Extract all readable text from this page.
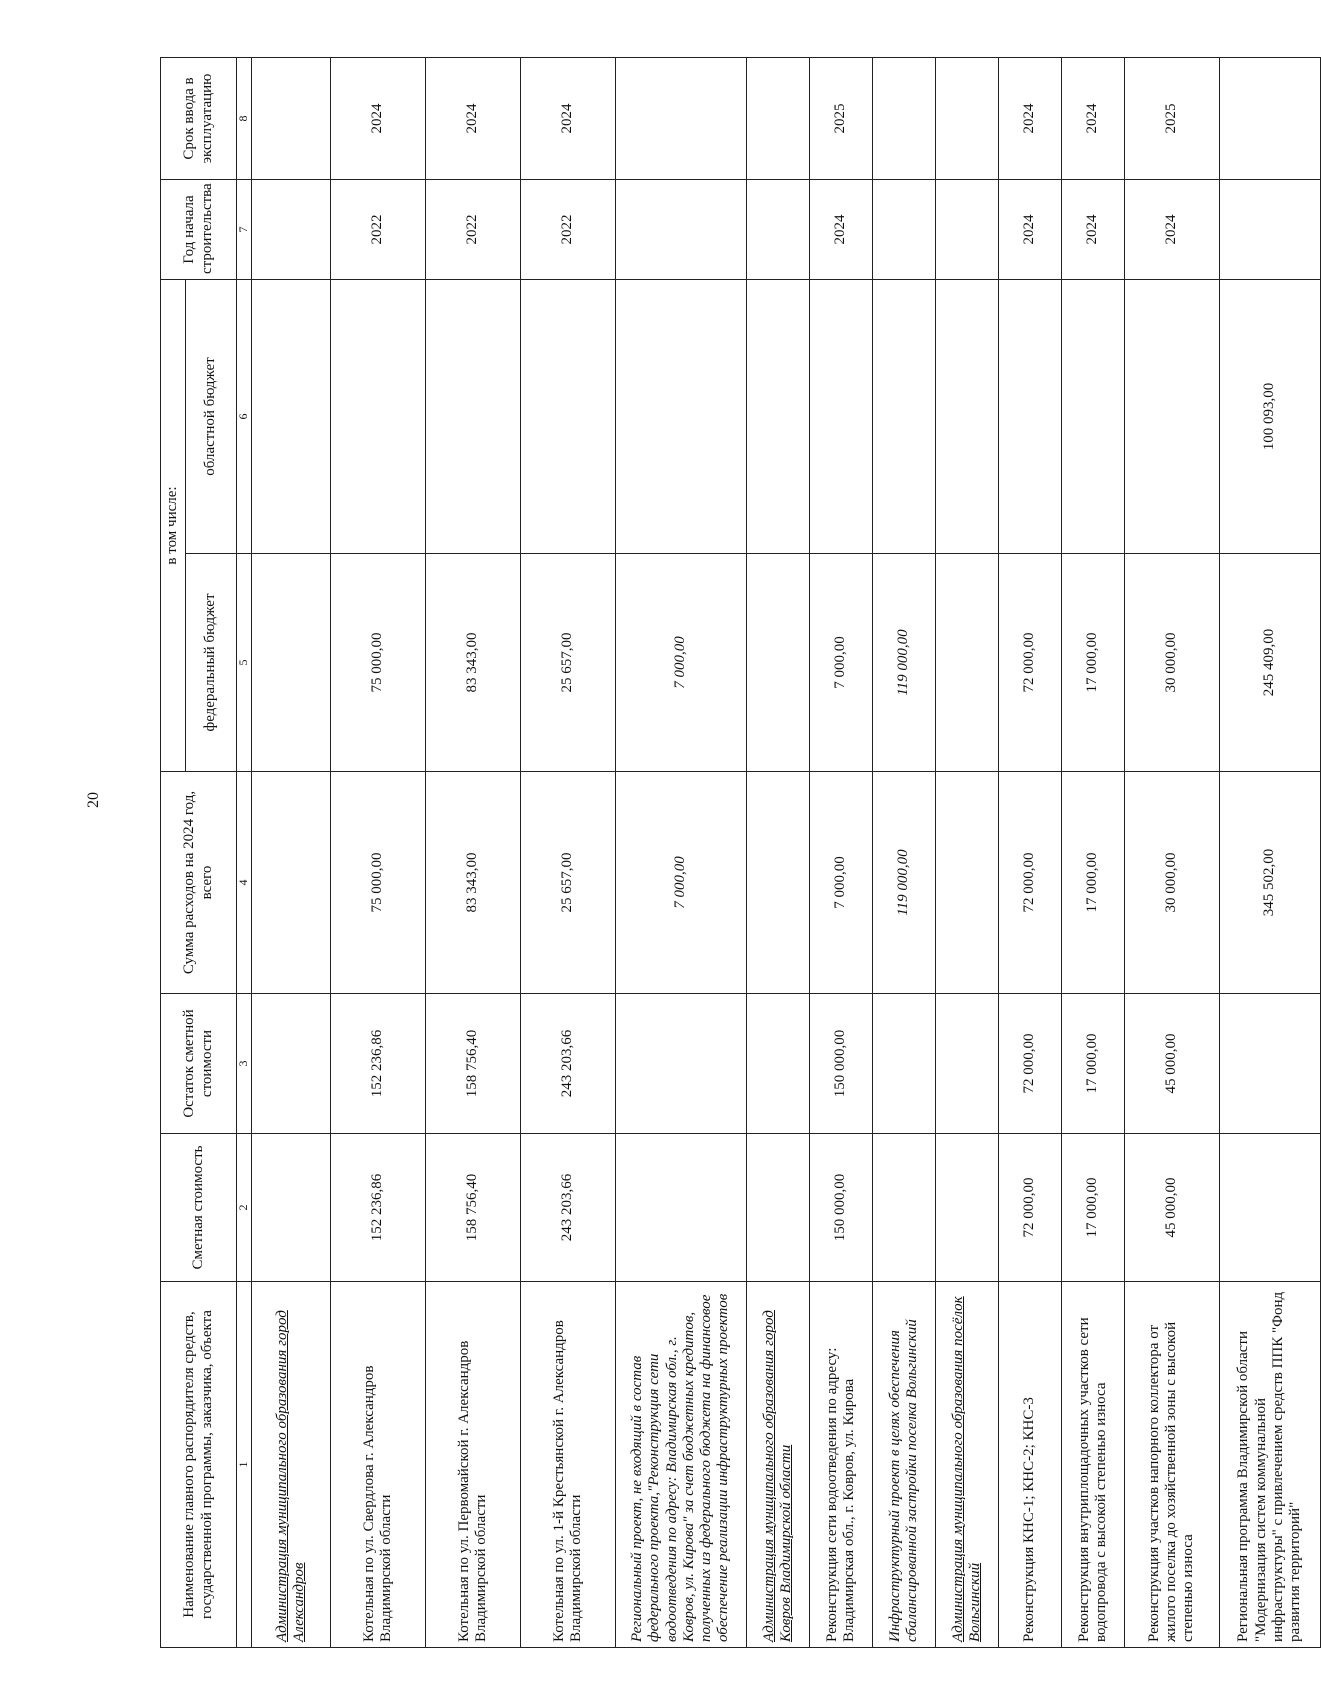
20
Наименование главного распорядителя средств, государственной программы, заказчика, объекта	Сметная стоимость	Остаток сметной стоимости	Сумма расходов на 2024 год, всего	в том числе:		Год начала строительства	Срок ввода в эксплуатацию
				федеральный бюджет	областной бюджет		
1	2	3	4	5	6	7	8
Администрация муниципального образования город Александров							
Котельная по ул. Свердлова г. Александров Владимирской области	152 236,86	152 236,86	75 000,00	75 000,00		2022	2024
Котельная по ул. Первомайской г. Александров Владимирской области	158 756,40	158 756,40	83 343,00	83 343,00		2022	2024
Котельная по ул. 1-й Крестьянской г. Александров Владимирской области	243 203,66	243 203,66	25 657,00	25 657,00		2022	2024
Региональный проект, не входящий в состав федерального проекта,"Реконструкция сети водоотведения по адресу: Владимирская обл., г. Ковров, ул. Кирова" за счет бюджетных кредитов, полученных из федерального бюджета на финансовое обеспечение реализации инфраструктурных проектов			7 000,00	7 000,00			
Администрация муниципального образования город Ковров Владимирской области							
Реконструкция сети водоотведения по адресу: Владимирская обл., г. Ковров, ул. Кирова	150 000,00	150 000,00	7 000,00	7 000,00		2024	2025
Инфраструктурный проект в целях обеспечения сбалансированной застройки поселка Вольгинский			119 000,00	119 000,00			
Администрация муниципального образования посёлок Вольгинский							
Реконструкция КНС-1; КНС-2; КНС-3	72 000,00	72 000,00	72 000,00	72 000,00		2024	2024
Реконструкция внутриплощадочных участков сети водопровода с высокой степенью износа	17 000,00	17 000,00	17 000,00	17 000,00		2024	2024
Реконструкция участков напорного коллектора от жилого поселка до хозяйственной зоны с высокой степенью износа	45 000,00	45 000,00	30 000,00	30 000,00		2024	2025
Региональная программа Владимирской области "Модернизация систем коммунальной инфраструктуры" с привлечением средств ППК "Фонд развития территорий"			345 502,00	245 409,00	100 093,00		
